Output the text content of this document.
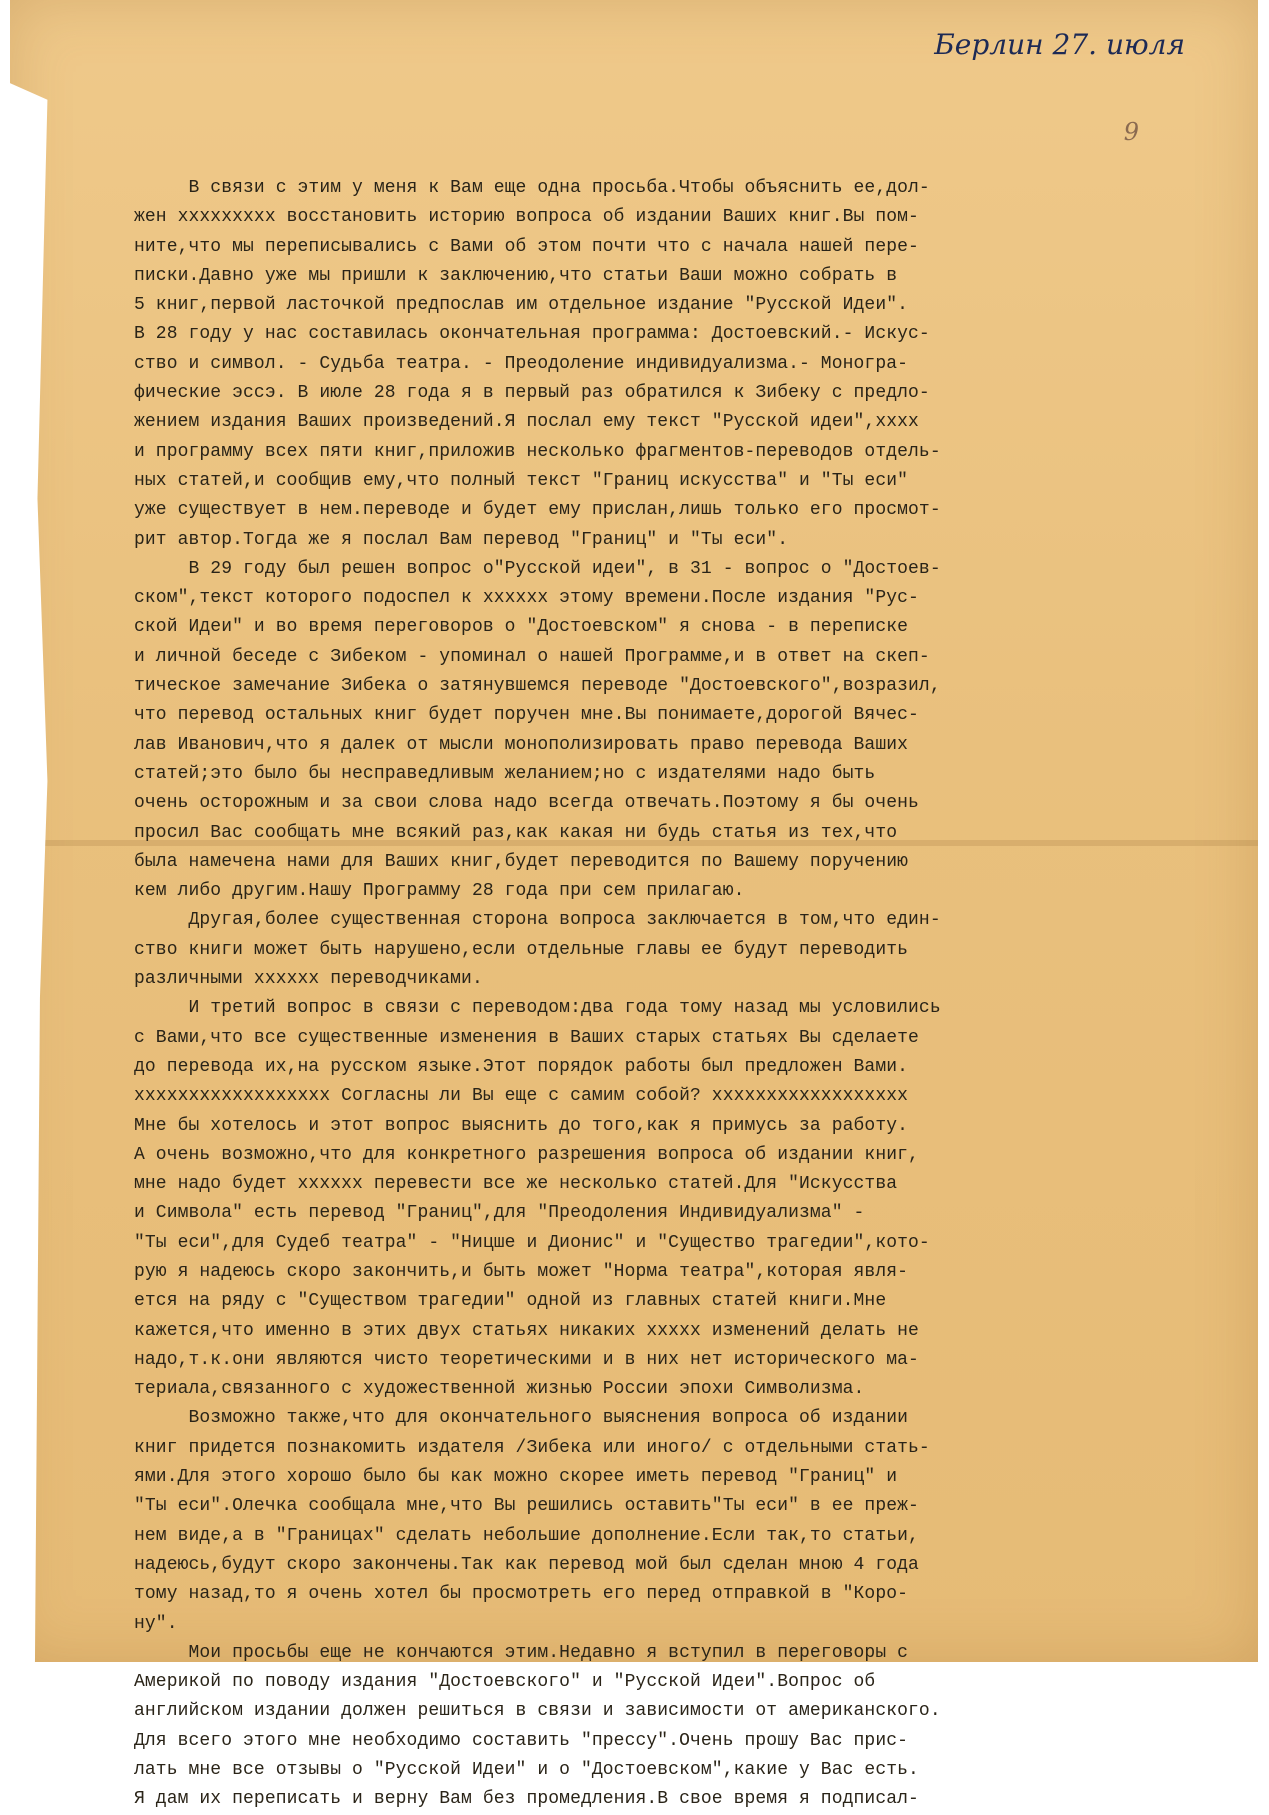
Берлин 27. июля
9
В связи с этим у меня к Вам еще одна просьба.Чтобы объяснить ее,дол-
жен xxxxxxxxx восстановить историю вопроса об издании Ваших книг.Вы пом-
ните,что мы переписывались с Вами об этом почти что с начала нашей пере-
писки.Давно уже мы пришли к заключению,что статьи Ваши можно собрать в
5 книг,первой ласточкой предпослав им отдельное издание "Русской Идеи".
В 28 году у нас составилась окончательная программа: Достоевский.- Искус-
ство и символ. - Судьба театра. - Преодоление индивидуализма.- Моногра-
фические эссэ. В июле 28 года я в первый раз обратился к Зибеку с предло-
жением издания Ваших произведений.Я послал ему текст "Русской идеи",xxxx
и программу всех пяти книг,приложив несколько фрагментов-переводов отдель-
ных статей,и сообщив ему,что полный текст "Границ искусства" и "Ты еси"
уже существует в нем.переводе и будет ему прислан,лишь только его просмот-
рит автор.Тогда же я послал Вам перевод "Границ" и "Ты еси".
В 29 году был решен вопрос о"Русской идеи", в 31 - вопрос о "Достоев-
ском",текст которого подоспел к xxxxxx этому времени.После издания "Рус-
ской Идеи" и во время переговоров о "Достоевском" я снова - в переписке
и личной беседе с Зибеком - упоминал о нашей Программе,и в ответ на скеп-
тическое замечание Зибека о затянувшемся переводе "Достоевского",возразил,
что перевод остальных книг будет поручен мне.Вы понимаете,дорогой Вячес-
лав Иванович,что я далек от мысли монополизировать право перевода Ваших
статей;это было бы несправедливым желанием;но с издателями надо быть
очень осторожным и за свои слова надо всегда отвечать.Поэтому я бы очень
просил Вас сообщать мне всякий раз,как какая ни будь статья из тех,что
была намечена нами для Ваших книг,будет переводится по Вашему поручению
кем либо другим.Нашу Программу 28 года при сем прилагаю.
Другая,более существенная сторона вопроса заключается в том,что един-
ство книги может быть нарушено,если отдельные главы ее будут переводить
различными xxxxxx переводчиками.
И третий вопрос в связи с переводом:два года тому назад мы условились
с Вами,что все существенные изменения в Ваших старых статьях Вы сделаете
до перевода их,на русском языке.Этот порядок работы был предложен Вами.
xxxxxxxxxxxxxxxxxx Согласны ли Вы еще с самим собой? xxxxxxxxxxxxxxxxxx
Мне бы хотелось и этот вопрос выяснить до того,как я примусь за работу.
А очень возможно,что для конкретного разрешения вопроса об издании книг,
мне надо будет xxxxxx перевести все же несколько статей.Для "Искусства
и Символа" есть перевод "Границ",для "Преодоления Индивидуализма" -
"Ты еси",для Судеб театра" - "Ницше и Дионис" и "Существо трагедии",кото-
рую я надеюсь скоро закончить,и быть может "Норма театра",которая явля-
ется на ряду с "Существом трагедии" одной из главных статей книги.Мне
кажется,что именно в этих двух статьях никаких xxxxx изменений делать не
надо,т.к.они являются чисто теоретическими и в них нет исторического ма-
териала,связанного с художественной жизнью России эпохи Символизма.
Возможно также,что для окончательного выяснения вопроса об издании
книг придется познакомить издателя /Зибека или иного/ с отдельными стать-
ями.Для этого хорошо было бы как можно скорее иметь перевод "Границ" и
"Ты еси".Олечка сообщала мне,что Вы решились оставить"Ты еси" в ее преж-
нем виде,а в "Границах" сделать небольшие дополнение.Если так,то статьи,
надеюсь,будут скоро закончены.Так как перевод мой был сделан мною 4 года
тому назад,то я очень хотел бы просмотреть его перед отправкой в "Коро-
ну".
Мои просьбы еще не кончаются этим.Недавно я вступил в переговоры с
Америкой по поводу издания "Достоевского" и "Русской Идеи".Вопрос об
английском издании должен решиться в связи и зависимости от американского.
Для всего этого мне необходимо составить "прессу".Очень прошу Вас прис-
лать мне все отзывы о "Русской Идеи" и о "Достоевском",какие у Вас есть.
Я дам их переписать и верну Вам без промедления.В свое время я подписал-
